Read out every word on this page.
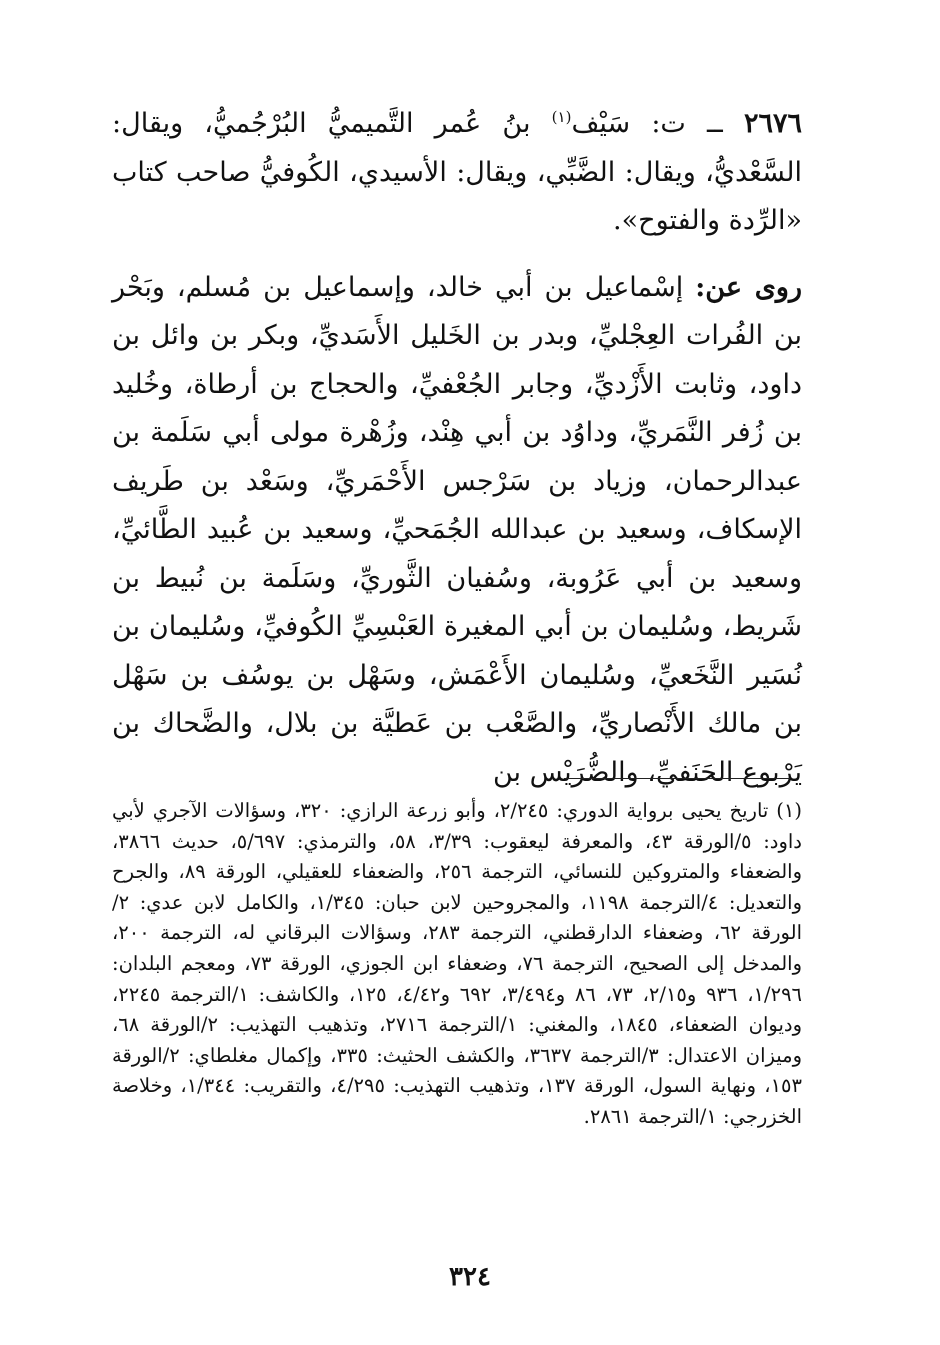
٢٦٧٦ ــ ت: سَيْف$^{(١)}$ بنُ عُمر التَّميميُّ البُرْجُميُّ، ويقال: السَّعْديُّ، ويقال: الضَّبِّي، ويقال: الأسيدي، الكُوفيُّ صاحب كتاب «الرِّدة والفتوح».

روى عن: إسْماعيل بن أبي خالد، وإسماعيل بن مُسلم، وبَحْر بن الفُرات العِجْليِّ، وبدر بن الخَليل الأَسَديِّ، وبكر بن وائل بن داود، وثابت الأَزْديِّ، وجابر الجُعْفيِّ، والحجاج بن أرطاة، وخُليد بن زُفر النَّمَريِّ، وداوُد بن أبي هِنْد، وزُهْرة مولى أبي سَلَمة بن عبدالرحمان، وزياد بن سَرْجس الأَحْمَريِّ، وسَعْد بن طَريف الإسكاف، وسعيد بن عبدالله الجُمَحيِّ، وسعيد بن عُبيد الطَّائيِّ، وسعيد بن أبي عَرُوبة، وسُفيان الثَّوريِّ، وسَلَمة بن نُبيط بن شَريط، وسُليمان بن أبي المغيرة العَبْسِيِّ الكُوفيِّ، وسُليمان بن نُسَير النَّخَعيِّ، وسُليمان الأَعْمَش، وسَهْل بن يوسُف بن سَهْل بن مالك الأَنْصاريِّ، والصَّعْب بن عَطيَّة بن بلال، والضَّحاك بن يَرْبوع الحَنَفيِّ، والضُّرَيْس بن

(١) تاريخ يحيى برواية الدوري: ٢/٢٤٥، وأبو زرعة الرازي: ٣٢٠، وسؤالات الآجري لأبي داود: ٥/الورقة ٤٣، والمعرفة ليعقوب: ٣/٣٩، ٥٨، والترمذي: ٥/٦٩٧، حديث ٣٨٦٦، والضعفاء والمتروكين للنسائي، الترجمة ٢٥٦، والضعفاء للعقيلي، الورقة ٨٩، والجرح والتعديل: ٤/الترجمة ١١٩٨، والمجروحين لابن حبان: ١/٣٤٥، والكامل لابن عدي: ٢/الورقة ٦٢، وضعفاء الدارقطني، الترجمة ٢٨٣، وسؤالات البرقاني له، الترجمة ٢٠٠، والمدخل إلى الصحيح، الترجمة ٧٦، وضعفاء ابن الجوزي، الورقة ٧٣، ومعجم البلدان: ١/٢٩٦، ٩٣٦ و٢/١٥، ٧٣، ٨٦ و٣/٤٩٤، ٦٩٢ و٤/٤٢، ١٢٥، والكاشف: ١/الترجمة ٢٢٤٥، وديوان الضعفاء، ١٨٤٥، والمغني: ١/الترجمة ٢٧١٦، وتذهيب التهذيب: ٢/الورقة ٦٨، وميزان الاعتدال: ٣/الترجمة ٣٦٣٧، والكشف الحثيث: ٣٣٥، وإكمال مغلطاي: ٢/الورقة ١٥٣، ونهاية السول، الورقة ١٣٧، وتذهيب التهذيب: ٤/٢٩٥، والتقريب: ١/٣٤٤، وخلاصة الخزرجي: ١/الترجمة ٢٨٦١.

٣٢٤
